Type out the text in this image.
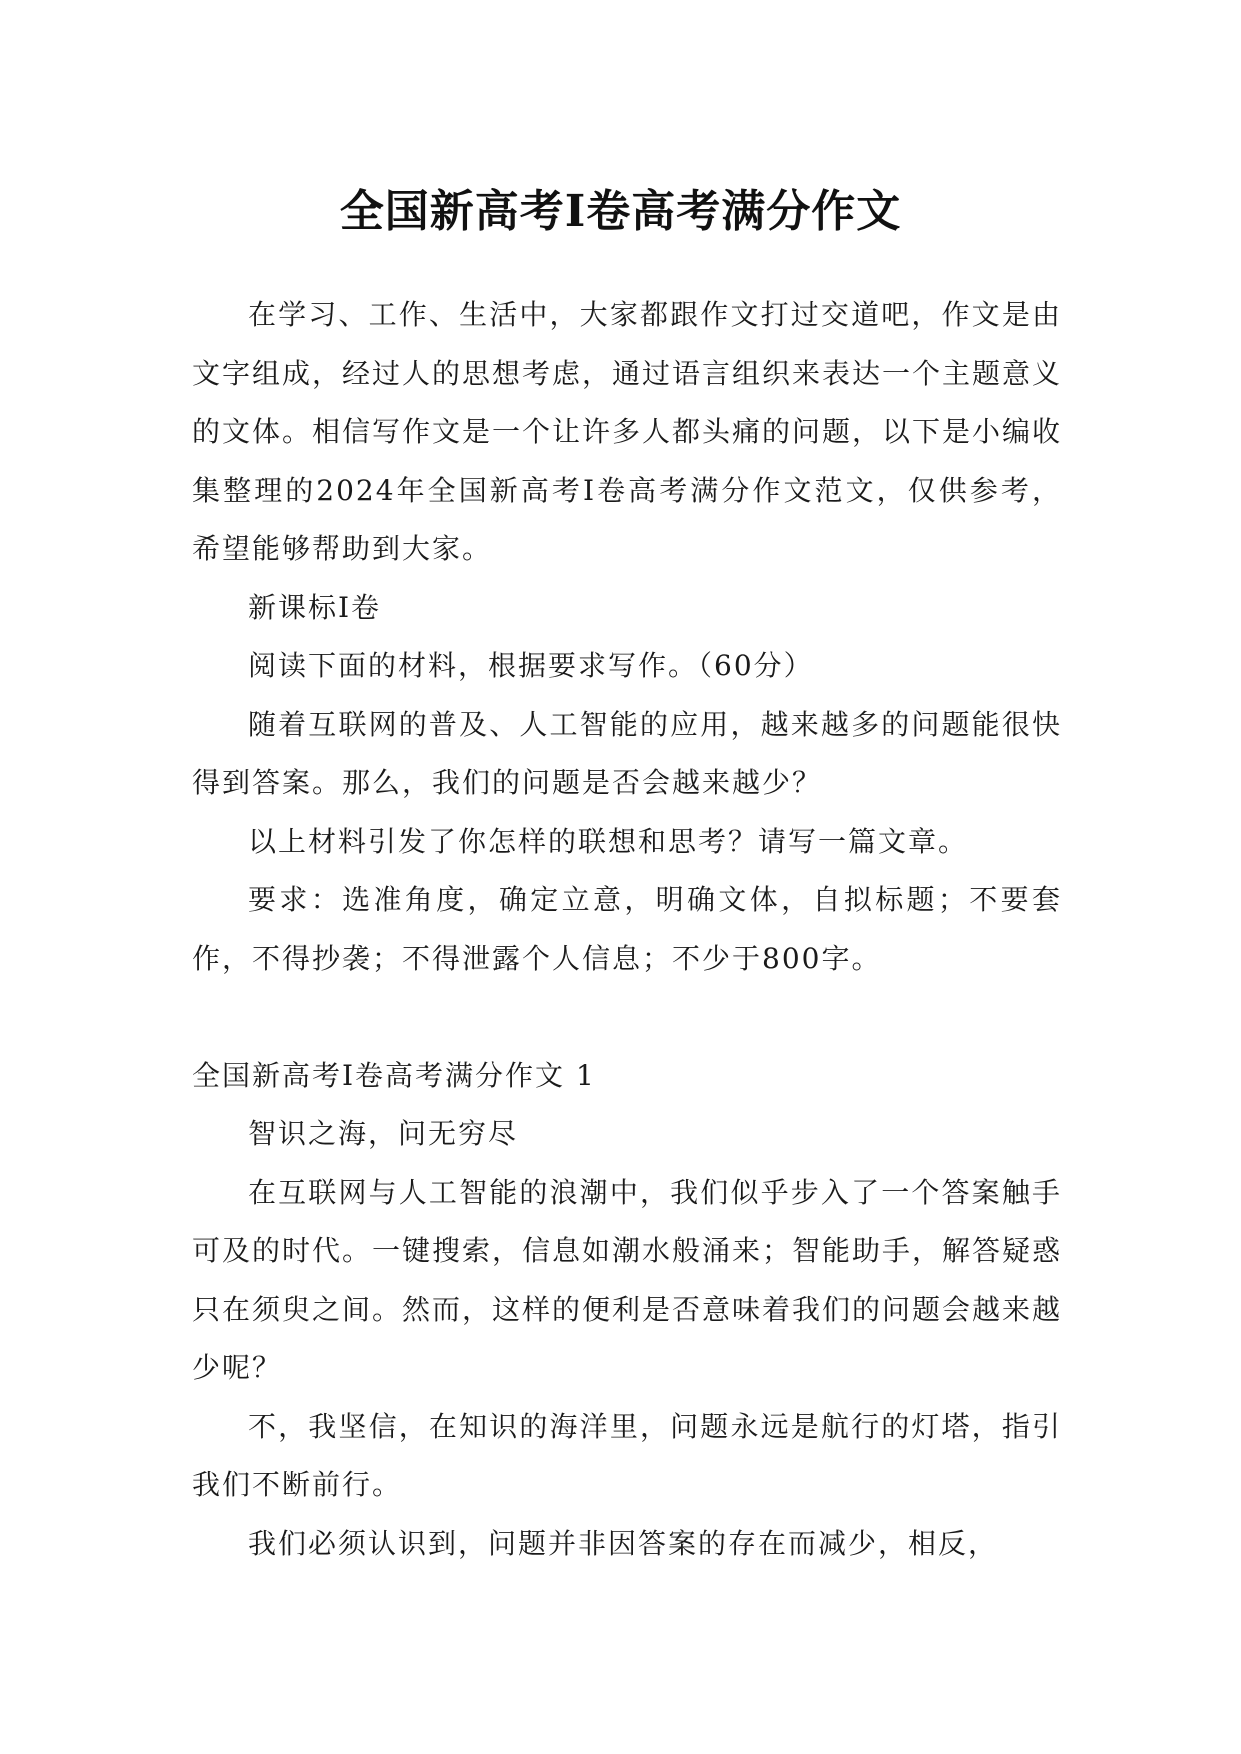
全国新高考Ⅰ卷高考满分作文

在学习、工作、生活中，大家都跟作文打过交道吧，作文是由文字组成，经过人的思想考虑，通过语言组织来表达一个主题意义的文体。相信写作文是一个让许多人都头痛的问题，以下是小编收集整理的2024年全国新高考Ⅰ卷高考满分作文范文，仅供参考，希望能够帮助到大家。

新课标Ⅰ卷

阅读下面的材料，根据要求写作。（60分）

随着互联网的普及、人工智能的应用，越来越多的问题能很快得到答案。那么，我们的问题是否会越来越少？

以上材料引发了你怎样的联想和思考？请写一篇文章。

要求：选准角度，确定立意，明确文体，自拟标题；不要套作，不得抄袭；不得泄露个人信息；不少于800字。

全国新高考Ⅰ卷高考满分作文 1

智识之海，问无穷尽

在互联网与人工智能的浪潮中，我们似乎步入了一个答案触手可及的时代。一键搜索，信息如潮水般涌来；智能助手，解答疑惑只在须臾之间。然而，这样的便利是否意味着我们的问题会越来越少呢？

不，我坚信，在知识的海洋里，问题永远是航行的灯塔，指引我们不断前行。

我们必须认识到，问题并非因答案的存在而减少，相反，
